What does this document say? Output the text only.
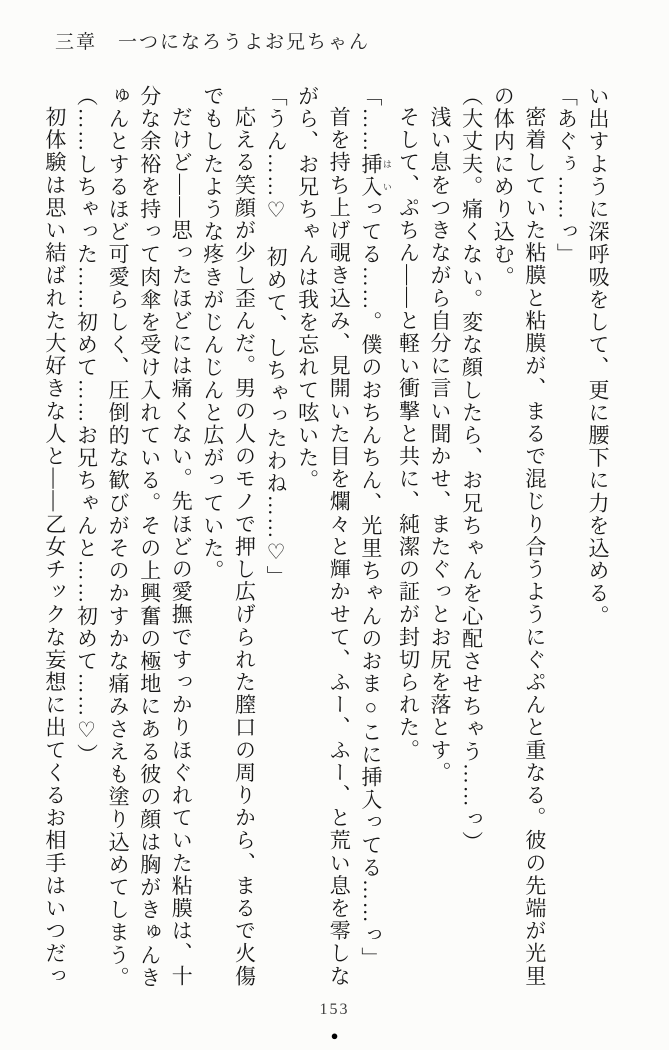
三章　一つになろうよお兄ちゃん

い出すように深呼吸をして、更に腰下に力を込める。

「あぐぅ……っ」

密着していた粘膜と粘膜が、まるで混じり合うようにぐぷんと重なる。彼の先端が光里の体内にめり込む。

（大丈夫。痛くない。変な顔したら、お兄ちゃんを心配させちゃう……っ）

浅い息をつきながら自分に言い聞かせ、またぐっとお尻を落とす。

そして、ぷちん——と軽い衝撃と共に、純潔の証が封切られた。

「……挿入 はいってる……。僕のおちんちん、光里ちゃんのおま○こに挿入ってる……っ」

首を持ち上げ覗き込み、見開いた目を爛々と輝かせて、ふー、ふー、と荒い息を零しながら、お兄ちゃんは我を忘れて呟いた。

「うん……♡　初めて、しちゃったわね……♡」

応える笑顔が少し歪んだ。男の人のモノで押し広げられた膣口の周りから、まるで火傷でもしたような疼きがじんじんと広がっていた。

だけど——思ったほどには痛くない。先ほどの愛撫ですっかりほぐれていた粘膜は、十分な余裕を持って肉傘を受け入れている。その上興奮の極地にある彼の顔は胸がきゅんきゅんとするほど可愛らしく、圧倒的な歓びがそのかすかな痛みさえも塗り込めてしまう。

（……しちゃった……初めて……お兄ちゃんと……初めて……♡）

初体験は思い結ばれた大好きな人と——乙女チックな妄想に出てくるお相手はいつだっ

153
●
